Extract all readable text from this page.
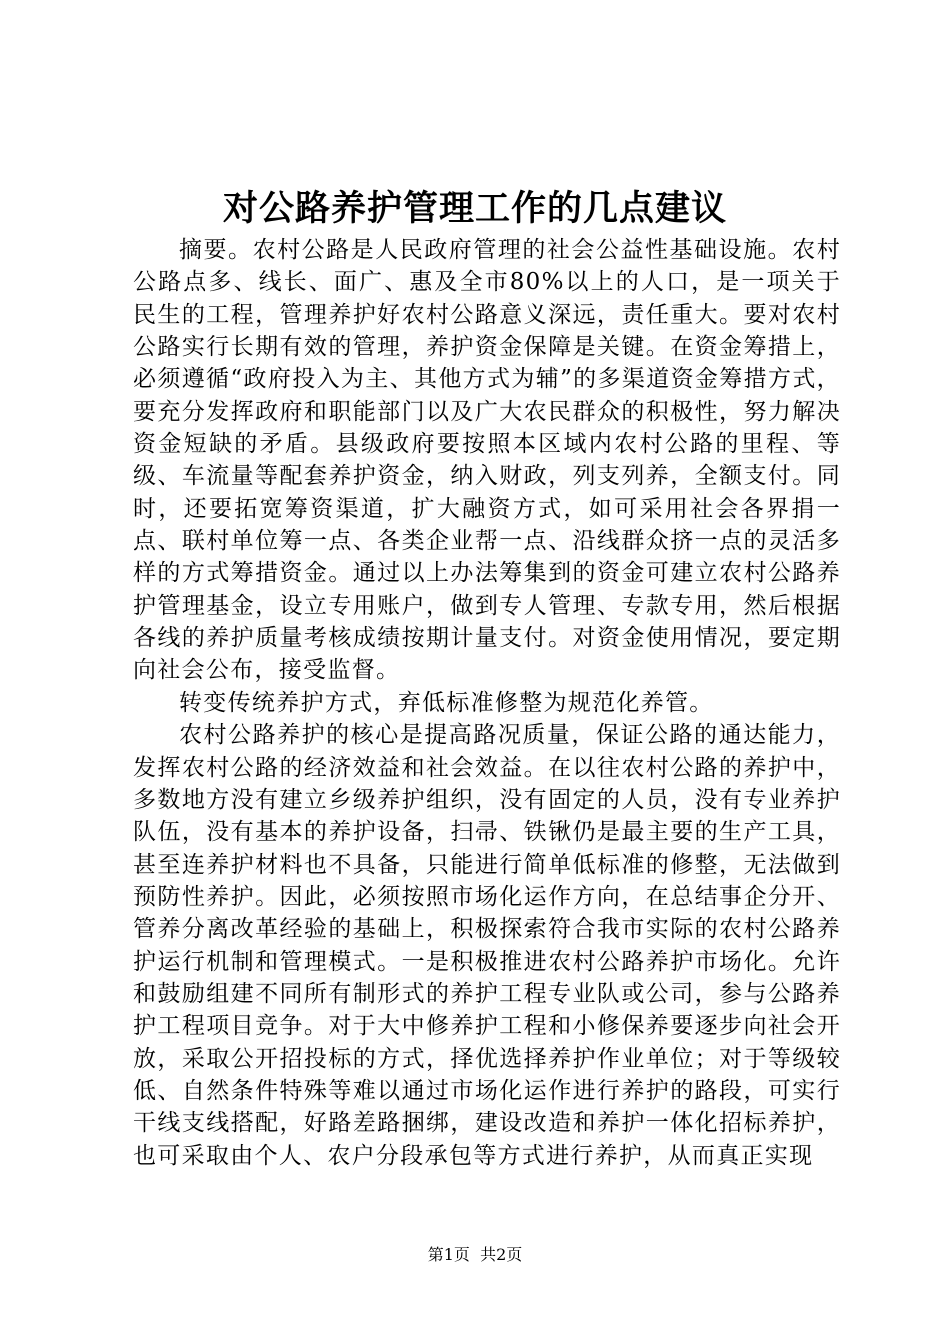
对公路养护管理工作的几点建议

摘要。农村公路是人民政府管理的社会公益性基础设施。农村公路点多、线长、面广、惠及全市80%以上的人口，是一项关于民生的工程，管理养护好农村公路意义深远，责任重大。要对农村公路实行长期有效的管理，养护资金保障是关键。在资金筹措上，必须遵循“政府投入为主、其他方式为辅”的多渠道资金筹措方式，要充分发挥政府和职能部门以及广大农民群众的积极性，努力解决资金短缺的矛盾。县级政府要按照本区域内农村公路的里程、等级、车流量等配套养护资金，纳入财政，列支列养，全额支付。同时，还要拓宽筹资渠道，扩大融资方式，如可采用社会各界捐一点、联村单位筹一点、各类企业帮一点、沿线群众挤一点的灵活多样的方式筹措资金。通过以上办法筹集到的资金可建立农村公路养护管理基金，设立专用账户，做到专人管理、专款专用，然后根据各线的养护质量考核成绩按期计量支付。对资金使用情况，要定期向社会公布，接受监督。

转变传统养护方式，弃低标准修整为规范化养管。

农村公路养护的核心是提高路况质量，保证公路的通达能力，发挥农村公路的经济效益和社会效益。在以往农村公路的养护中，多数地方没有建立乡级养护组织，没有固定的人员，没有专业养护队伍，没有基本的养护设备，扫帚、铁锹仍是最主要的生产工具，甚至连养护材料也不具备，只能进行简单低标准的修整，无法做到预防性养护。因此，必须按照市场化运作方向，在总结事企分开、管养分离改革经验的基础上，积极探索符合我市实际的农村公路养护运行机制和管理模式。一是积极推进农村公路养护市场化。允许和鼓励组建不同所有制形式的养护工程专业队或公司，参与公路养护工程项目竞争。对于大中修养护工程和小修保养要逐步向社会开放，采取公开招投标的方式，择优选择养护作业单位；对于等级较低、自然条件特殊等难以通过市场化运作进行养护的路段，可实行干线支线搭配，好路差路捆绑，建设改造和养护一体化招标养护，也可采取由个人、农户分段承包等方式进行养护，从而真正实现

第1页  共2页
